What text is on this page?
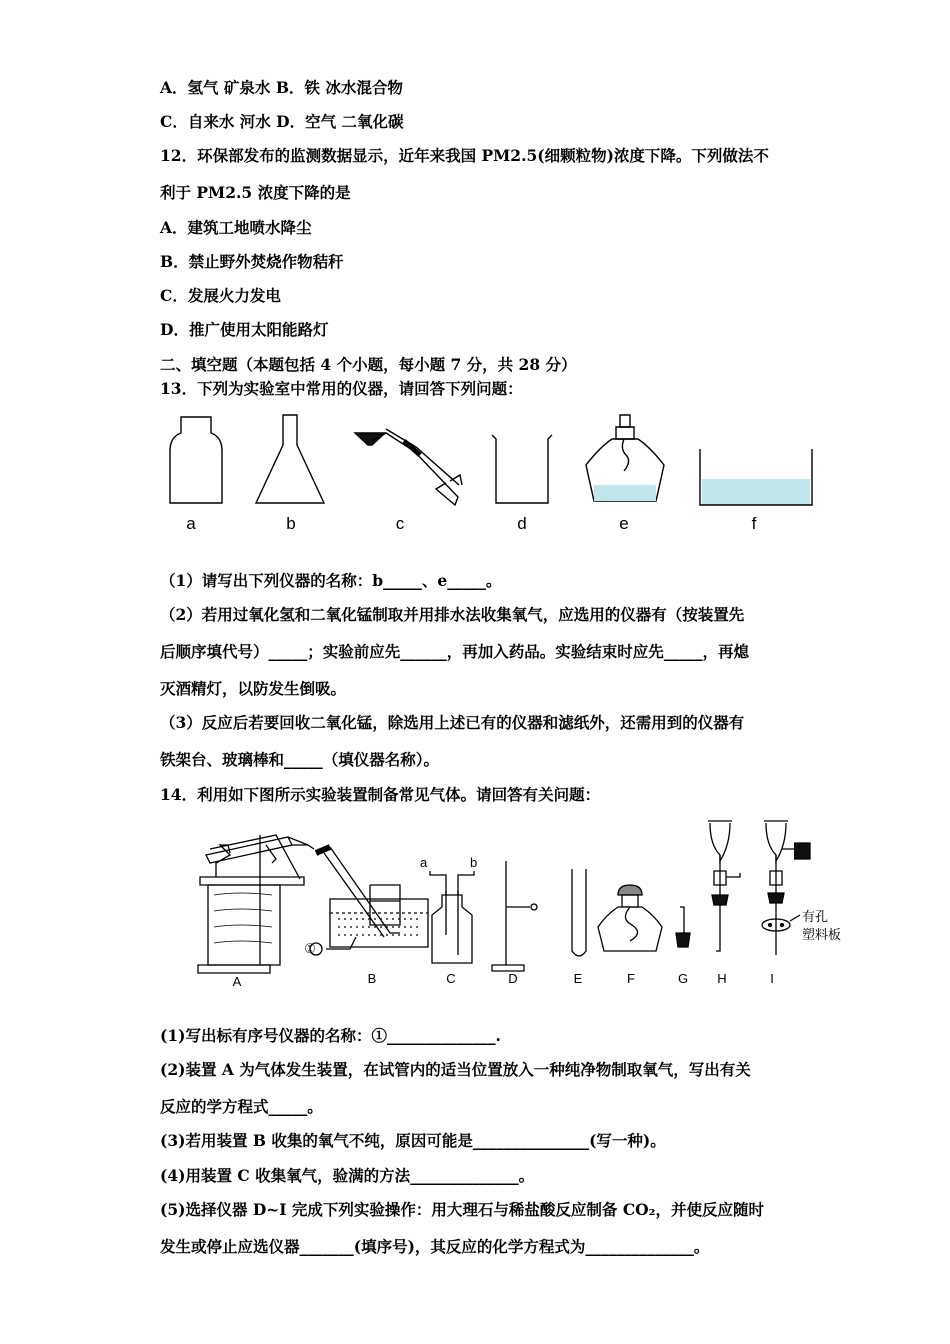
A．氢气 矿泉水 B．铁 冰水混合物
C．自来水 河水 D．空气 二氧化碳
12．环保部发布的监测数据显示，近年来我国 PM2.5(细颗粒物)浓度下降。下列做法不
利于 PM2.5 浓度下降的是
A．建筑工地喷水降尘
B．禁止野外焚烧作物秸秆
C．发展火力发电
D．推广使用太阳能路灯
二、填空题（本题包括 4 个小题，每小题 7 分，共 28 分）
13．下列为实验室中常用的仪器，请回答下列问题：
a	b	c	d	e	f
（1）请写出下列仪器的名称：b_____、e_____。
（2）若用过氧化氢和二氧化锰制取并用排水法收集氧气，应选用的仪器有（按装置先
后顺序填代号）_____；实验前应先______，再加入药品。实验结束时应先_____，再熄
灭酒精灯，以防发生倒吸。
（3）反应后若要回收二氧化锰，除选用上述已有的仪器和滤纸外，还需用到的仪器有
铁架台、玻璃棒和_____（填仪器名称）。
14．利用如下图所示实验装置制备常见气体。请回答有关问题：
a	b
①
有孔
塑料板
A	B	C	D	E	F	G H	I
(1)写出标有序号仪器的名称：①______________.
(2)装置 A 为气体发生装置，在试管内的适当位置放入一种纯净物制取氧气，写出有关
反应的学方程式_____。
(3)若用装置 B 收集的氧气不纯，原因可能是_______________(写一种)。
(4)用装置 C 收集氧气，验满的方法______________。
(5)选择仪器 D~I 完成下列实验操作：用大理石与稀盐酸反应制备 CO₂，并使反应随时
发生或停止应选仪器_______(填序号)，其反应的化学方程式为______________。
